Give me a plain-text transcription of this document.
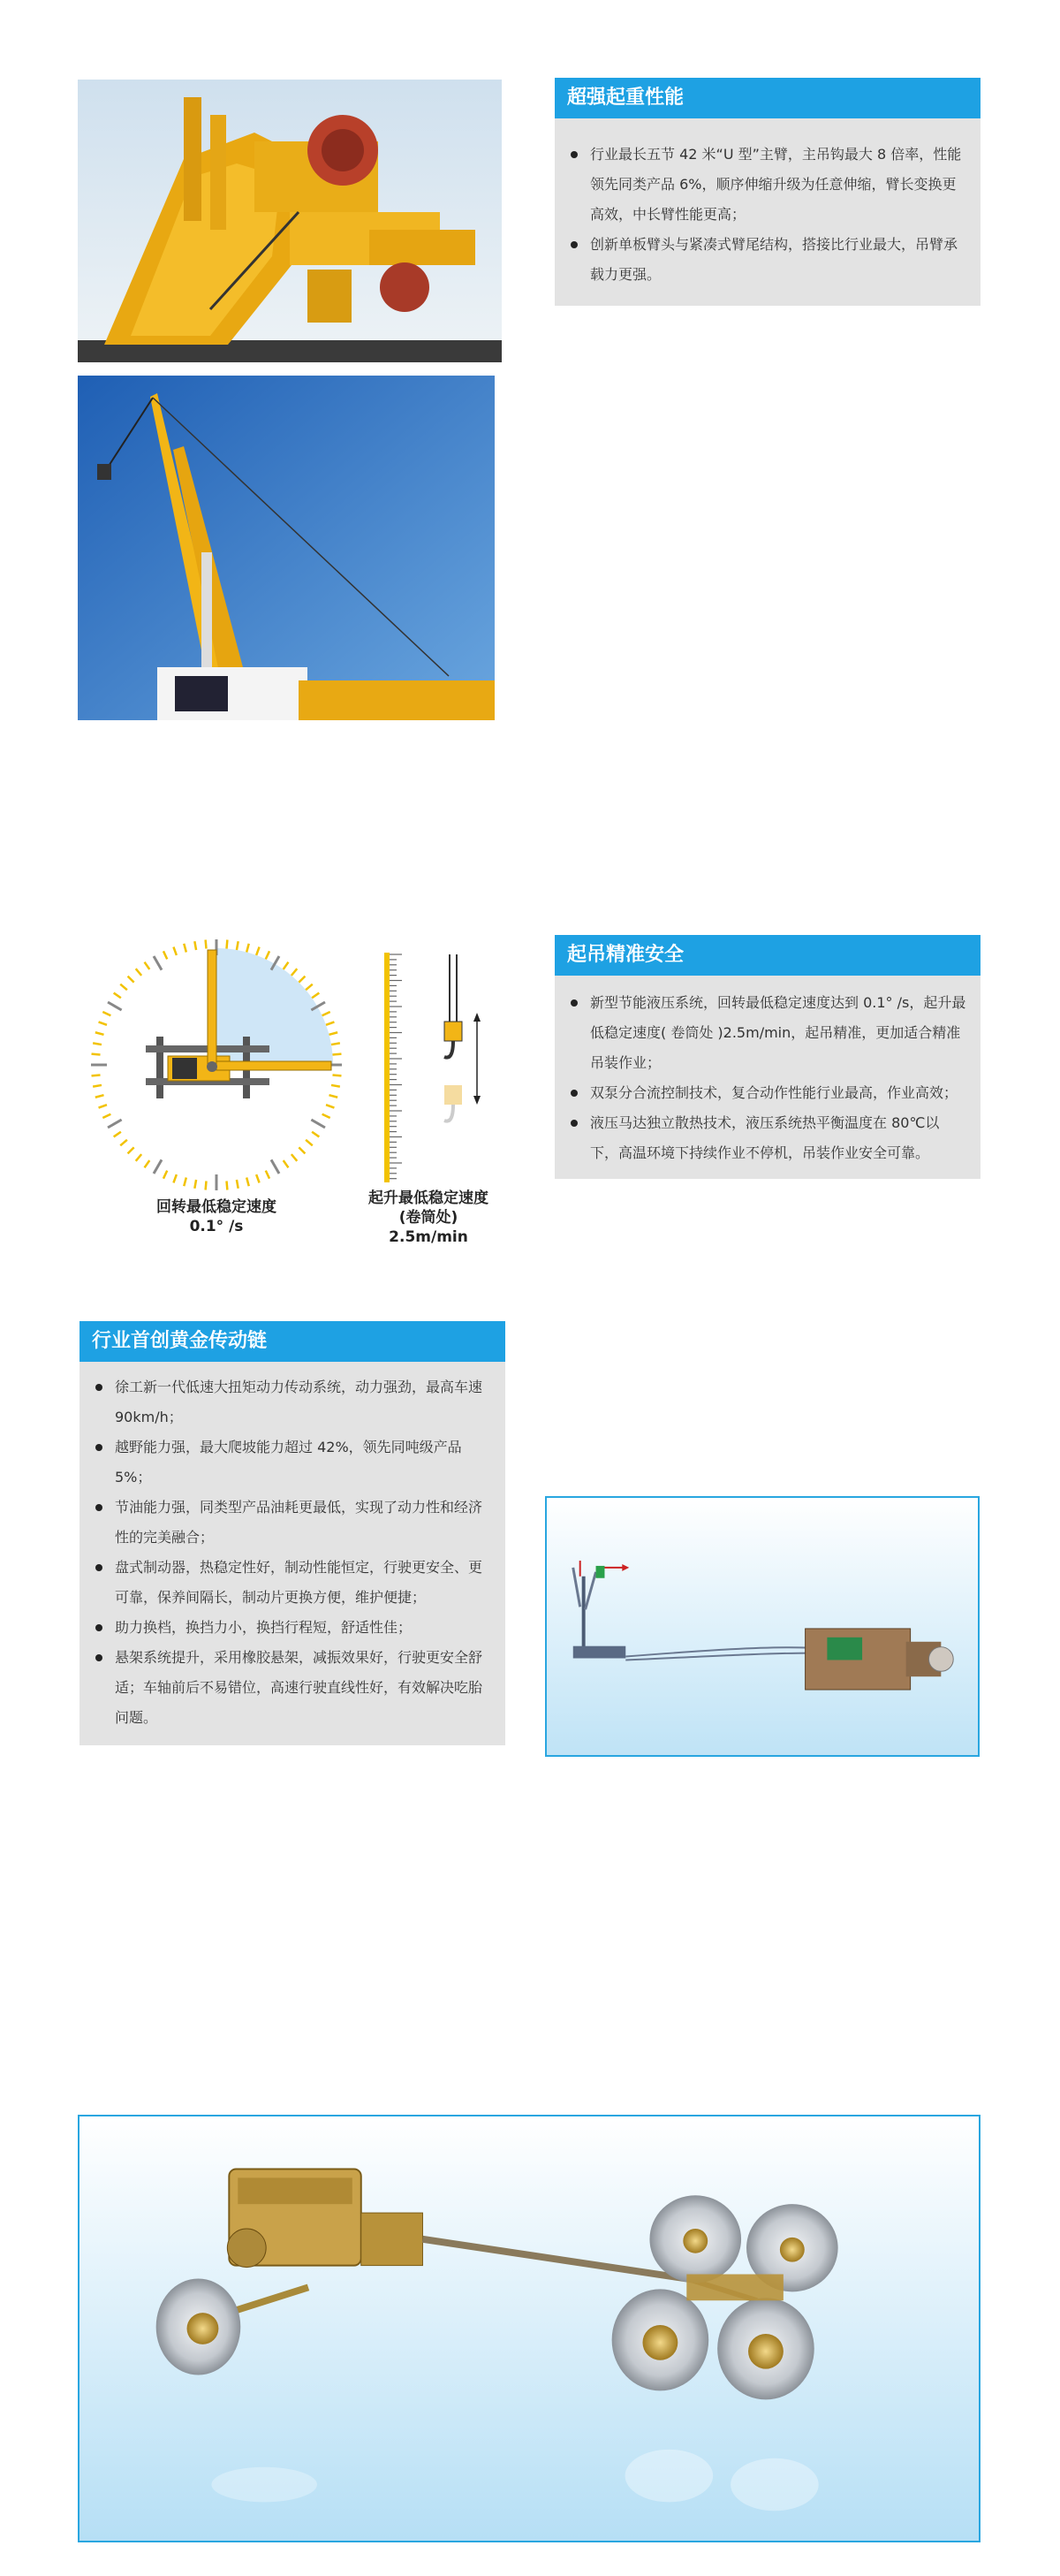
超强起重性能
行业最长五节 42 米“U 型”主臂，主吊钩最大 8 倍率，性能领先同类产品 6%，顺序伸缩升级为任意伸缩，臂长变换更高效，中长臂性能更高；
创新单板臂头与紧凑式臂尾结构，搭接比行业最大，吊臂承载力更强。
回转最低稳定速度
0.1° /s
起升最低稳定速度
(卷筒处)
2.5m/min
起吊精准安全
新型节能液压系统，回转最低稳定速度达到 0.1° /s，起升最低稳定速度( 卷筒处 )2.5m/min，起吊精准，更加适合精准吊装作业；
双泵分合流控制技术，复合动作性能行业最高，作业高效；
液压马达独立散热技术，液压系统热平衡温度在 80℃以下，高温环境下持续作业不停机，吊装作业安全可靠。
行业首创黄金传动链
徐工新一代低速大扭矩动力传动系统，动力强劲，最高车速 90km/h；
越野能力强，最大爬坡能力超过 42%，领先同吨级产品 5%；
节油能力强，同类型产品油耗更最低，实现了动力性和经济性的完美融合；
盘式制动器，热稳定性好，制动性能恒定，行驶更安全、更可靠，保养间隔长，制动片更换方便，维护便捷；
助力换档，换挡力小，换挡行程短，舒适性佳；
悬架系统提升，采用橡胶悬架，减振效果好，行驶更安全舒适；车轴前后不易错位，高速行驶直线性好，有效解决吃胎问题。
